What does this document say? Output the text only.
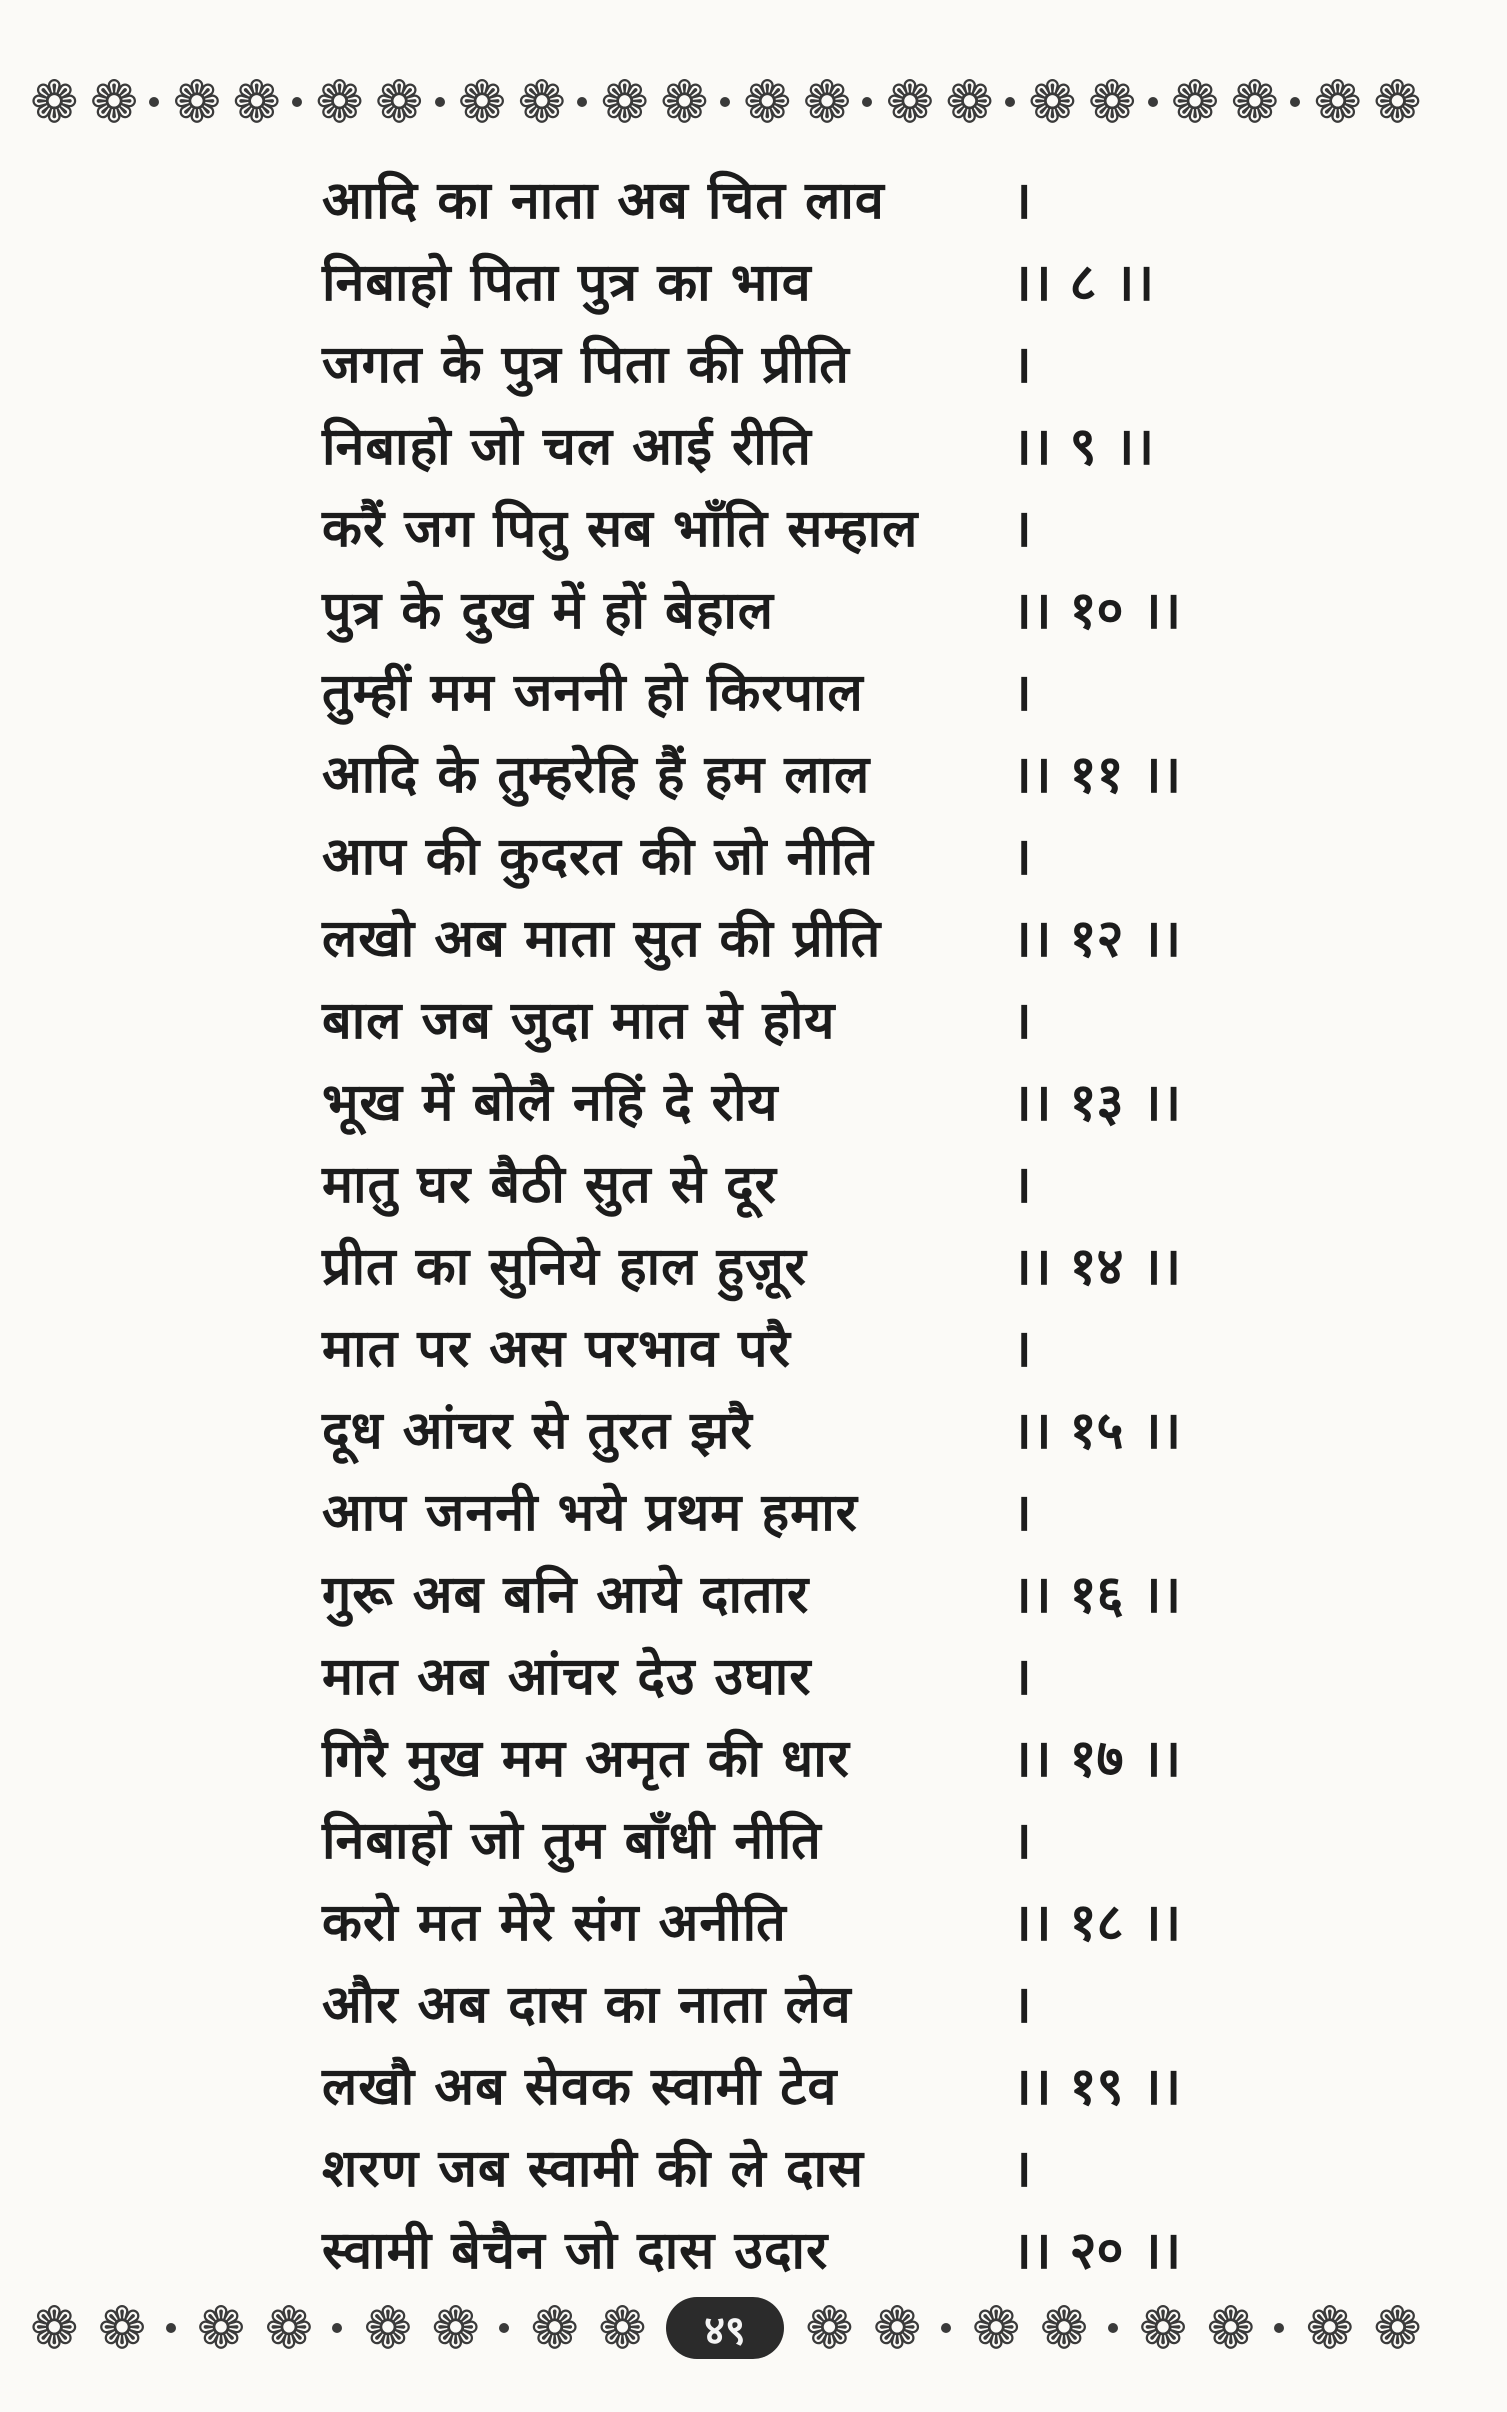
❁ ❁ ❁ ❁ ❁ ❁ ❁ ❁ ❁ ❁ ❁ ❁ ❁ ❁ ❁ ❁ ❁ ❁ ❁ ❁
आदि का नाता अब चित लाव ।
निबाहो पिता पुत्र का भाव	।। ८ ।।
जगत के पुत्र पिता की प्रीति	।
निबाहो जो चल आई रीति	।। ९ ।।
करैं जग पितु सब भाँति सम्हाल ।
पुत्र के दुख में हों बेहाल	।। १० ।।
तुम्हीं मम जननी हो किरपाल	।
आदि के तुम्हरेहि हैं हम लाल	।। ११ ।।
आप की कुदरत की जो नीति	।
लखो अब माता सुत की प्रीति	।। १२ ।।
बाल जब जुदा मात से होय	।
भूख में बोलै नहिं दे रोय	।। १३ ।।
मातु घर बैठी सुत से दूर	।
प्रीत का सुनिये हाल हुज़ूर	।। १४ ।।
मात पर अस परभाव परै	।
दूध आंचर से तुरत झरै	।। १५ ।।
आप जननी भये प्रथम हमार	।
गुरू अब बनि आये दातार	।। १६ ।।
मात अब आंचर देउ उघार	।
गिरै मुख मम अमृत की धार	।। १७ ।।
निबाहो जो तुम बाँधी नीति	।
करो मत मेरे संग अनीति	।। १८ ।।
और अब दास का नाता लेव	।
लखौ अब सेवक स्वामी टेव	।। १९ ।।
शरण जब स्वामी की ले दास	।
स्वामी बेचैन जो दास उदार	।। २० ।।
❁ ❁ ❁ ❁ ❁ ❁ ❁ ❁	४९	❁ ❁ ❁ ❁ ❁ ❁ ❁ ❁
